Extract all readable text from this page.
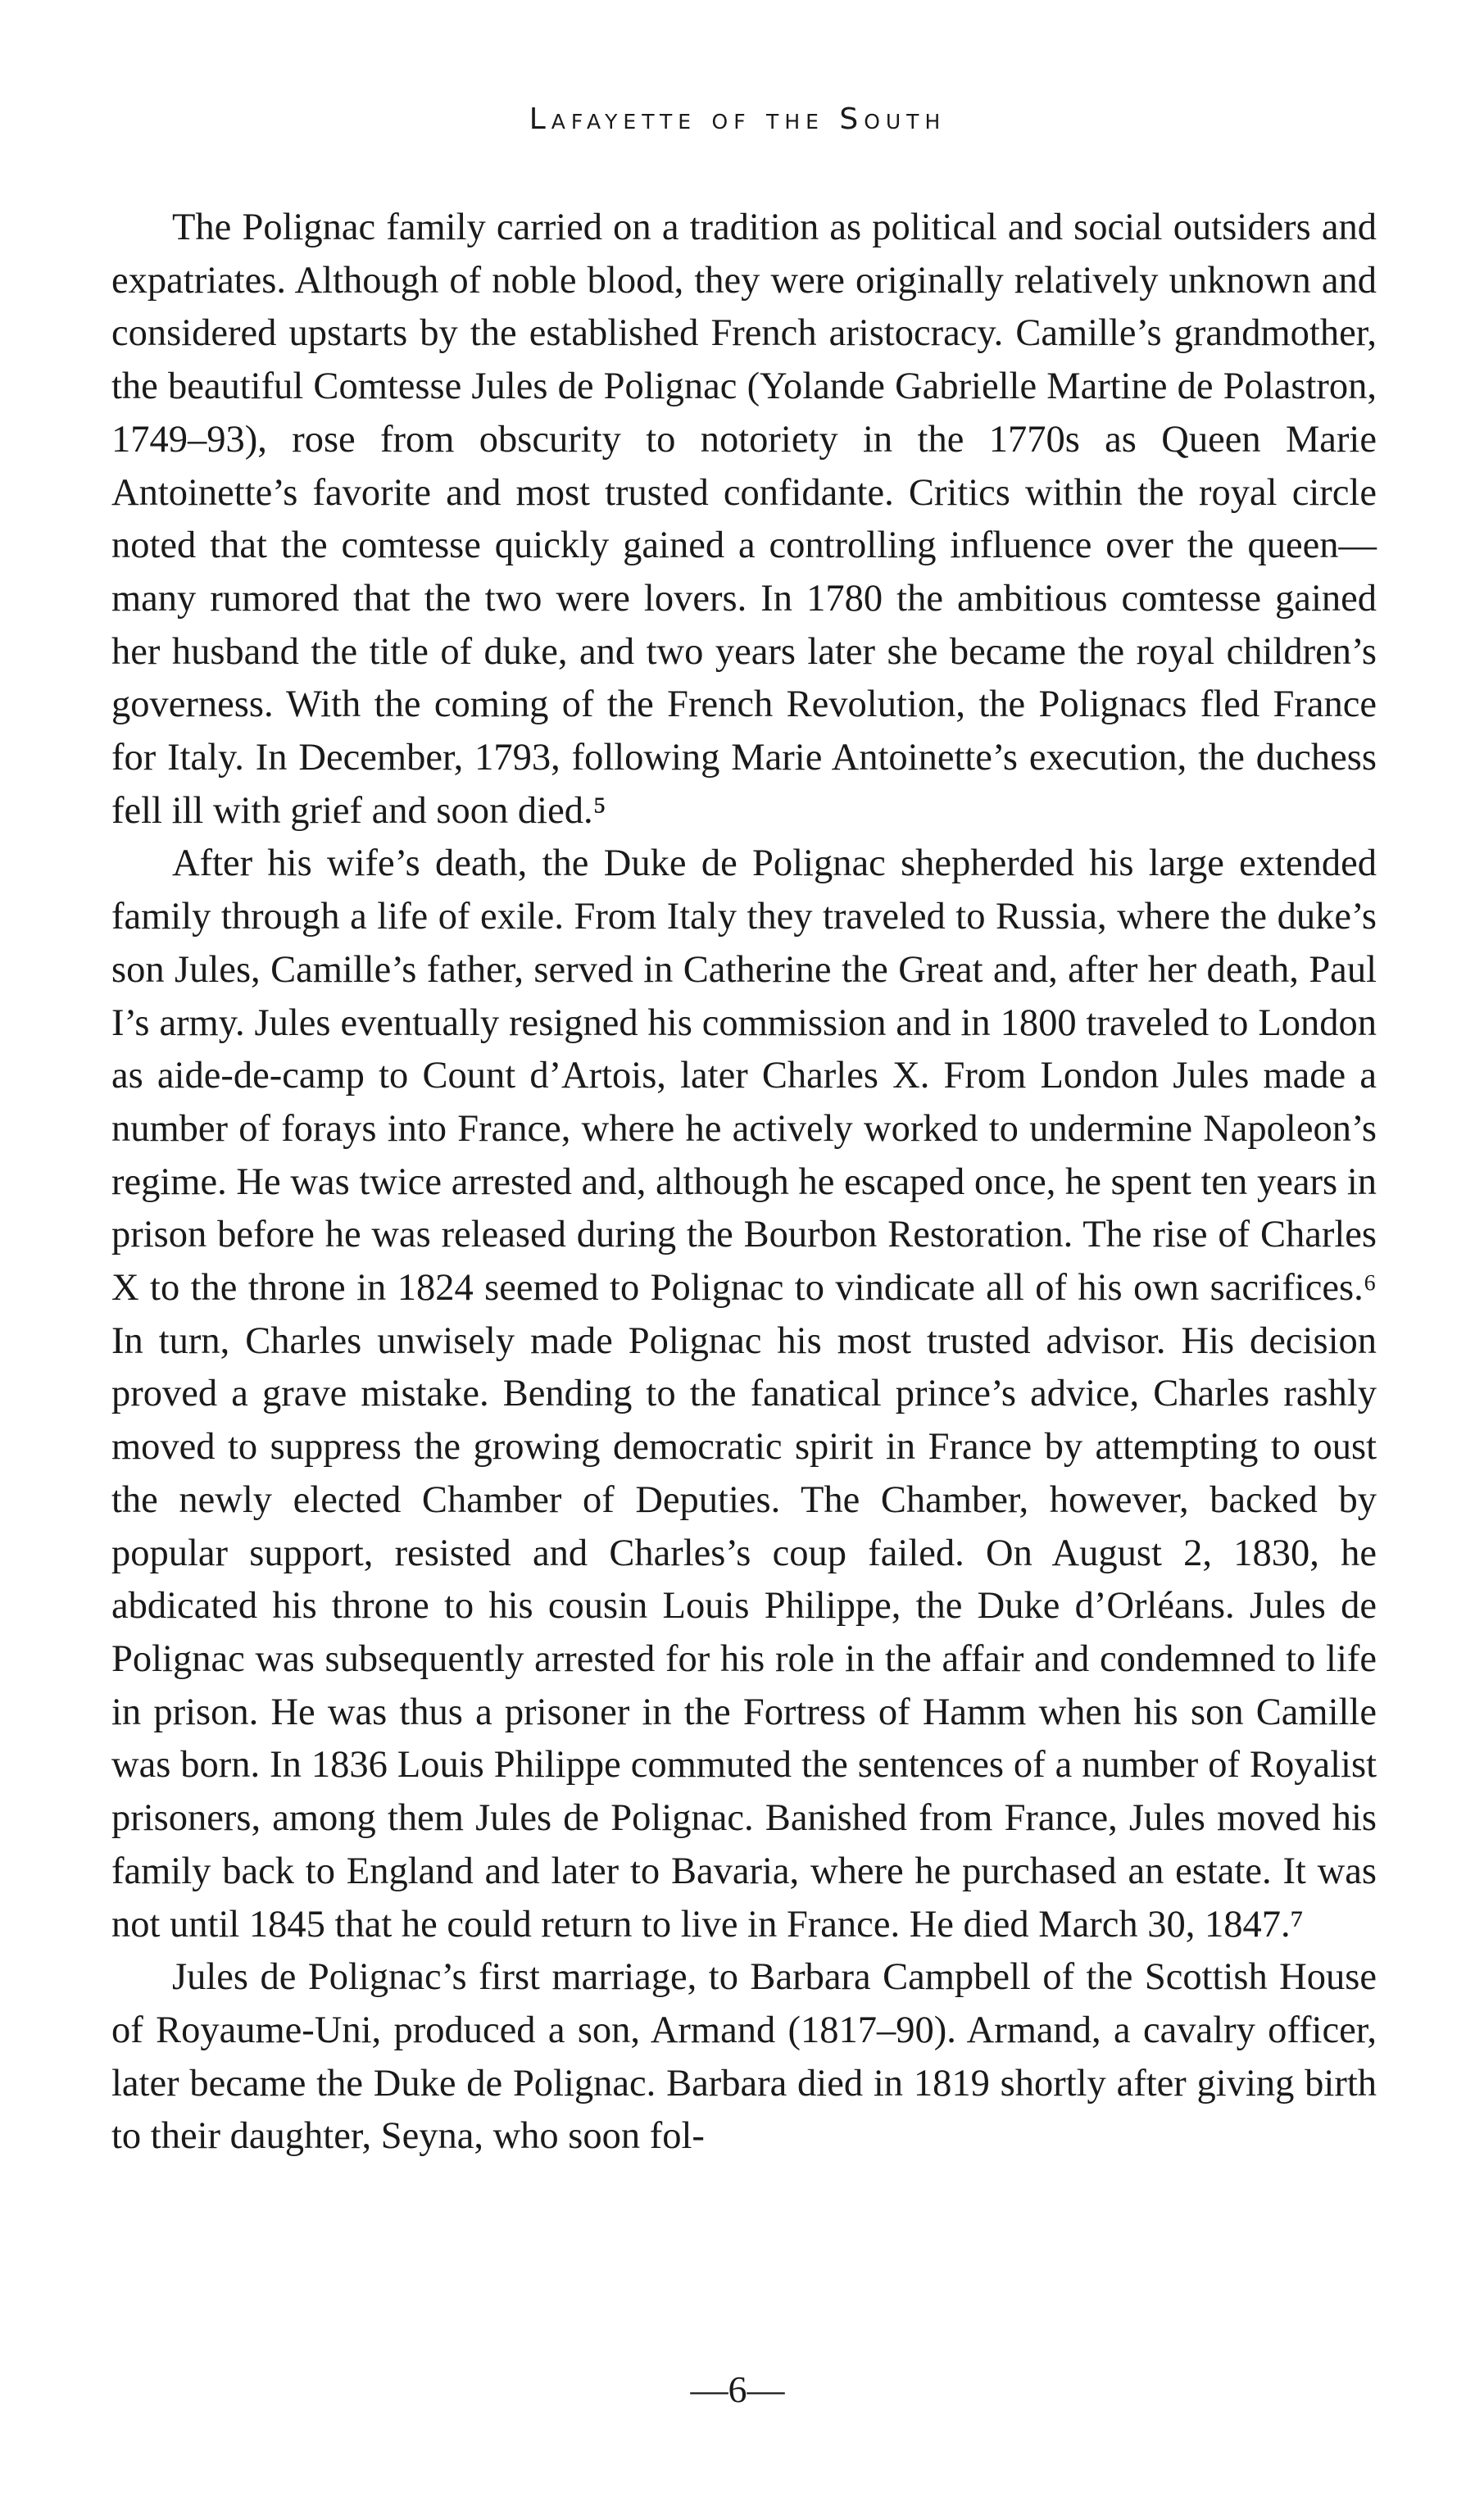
Lafayette of the South

The Polignac family carried on a tradition as political and social outsiders and expatriates. Although of noble blood, they were originally relatively unknown and considered upstarts by the established French aristocracy. Camille’s grandmother, the beautiful Comtesse Jules de Polignac (Yolande Gabrielle Martine de Polastron, 1749–93), rose from obscurity to notoriety in the 1770s as Queen Marie Antoinette’s favorite and most trusted confidante. Critics within the royal circle noted that the comtesse quickly gained a controlling influence over the queen—many rumored that the two were lovers. In 1780 the ambitious comtesse gained her husband the title of duke, and two years later she became the royal children’s governess. With the coming of the French Revolution, the Polignacs fled France for Italy. In December, 1793, following Marie Antoinette’s execution, the duchess fell ill with grief and soon died.⁵

After his wife’s death, the Duke de Polignac shepherded his large extended family through a life of exile. From Italy they traveled to Russia, where the duke’s son Jules, Camille’s father, served in Catherine the Great and, after her death, Paul I’s army. Jules eventually resigned his commission and in 1800 traveled to London as aide-de-camp to Count d’Artois, later Charles X. From London Jules made a number of forays into France, where he actively worked to undermine Napoleon’s regime. He was twice arrested and, although he escaped once, he spent ten years in prison before he was released during the Bourbon Restoration. The rise of Charles X to the throne in 1824 seemed to Polignac to vindicate all of his own sacrifices.⁶ In turn, Charles unwisely made Polignac his most trusted advisor. His decision proved a grave mistake. Bending to the fanatical prince’s advice, Charles rashly moved to suppress the growing democratic spirit in France by attempting to oust the newly elected Chamber of Deputies. The Chamber, however, backed by popular support, resisted and Charles’s coup failed. On August 2, 1830, he abdicated his throne to his cousin Louis Philippe, the Duke d’Orléans. Jules de Polignac was subsequently arrested for his role in the affair and condemned to life in prison. He was thus a prisoner in the Fortress of Hamm when his son Camille was born. In 1836 Louis Philippe commuted the sentences of a number of Royalist prisoners, among them Jules de Polignac. Banished from France, Jules moved his family back to England and later to Bavaria, where he purchased an estate. It was not until 1845 that he could return to live in France. He died March 30, 1847.⁷

Jules de Polignac’s first marriage, to Barbara Campbell of the Scottish House of Royaume-Uni, produced a son, Armand (1817–90). Armand, a cavalry officer, later became the Duke de Polignac. Barbara died in 1819 shortly after giving birth to their daughter, Seyna, who soon fol-

—6—
